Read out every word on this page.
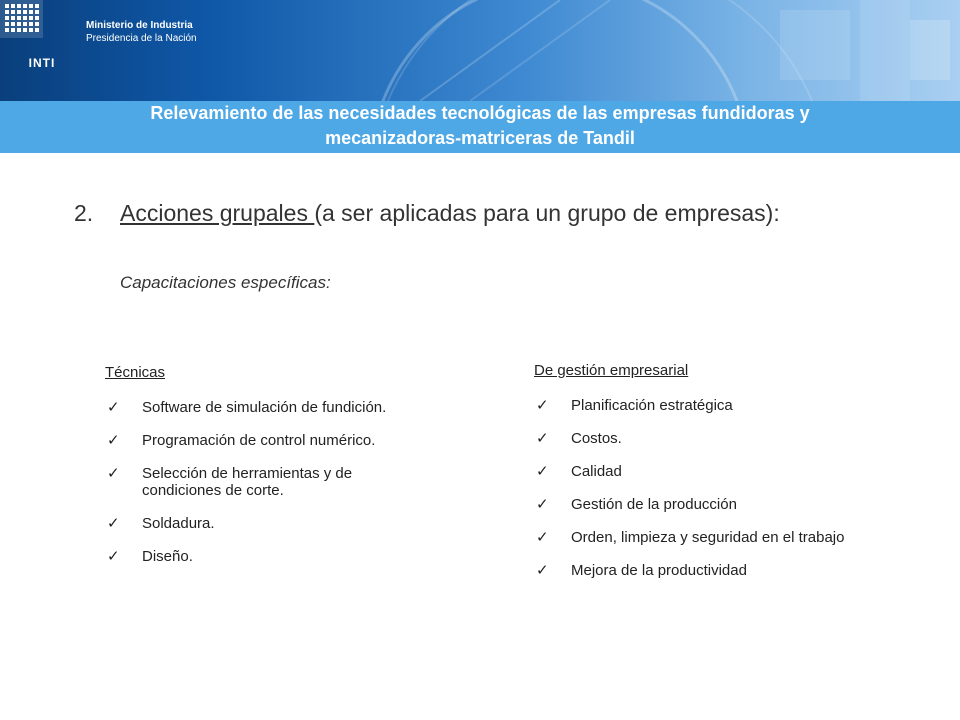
INTI
Ministerio de Industria
Presidencia de la Nación
Relevamiento de las necesidades tecnológicas de las empresas fundidoras y
mecanizadoras-matriceras de Tandil
2. Acciones grupales (a ser aplicadas para un grupo de empresas):
Capacitaciones específicas:
Técnicas
✓ Software de simulación de fundición.
✓ Programación de control numérico.
✓ Selección de herramientas y de condiciones de corte.
✓ Soldadura.
✓ Diseño.
De gestión empresarial
✓ Planificación estratégica
✓ Costos.
✓ Calidad
✓ Gestión de la producción
✓ Orden, limpieza y seguridad en el trabajo
✓ Mejora de la productividad
